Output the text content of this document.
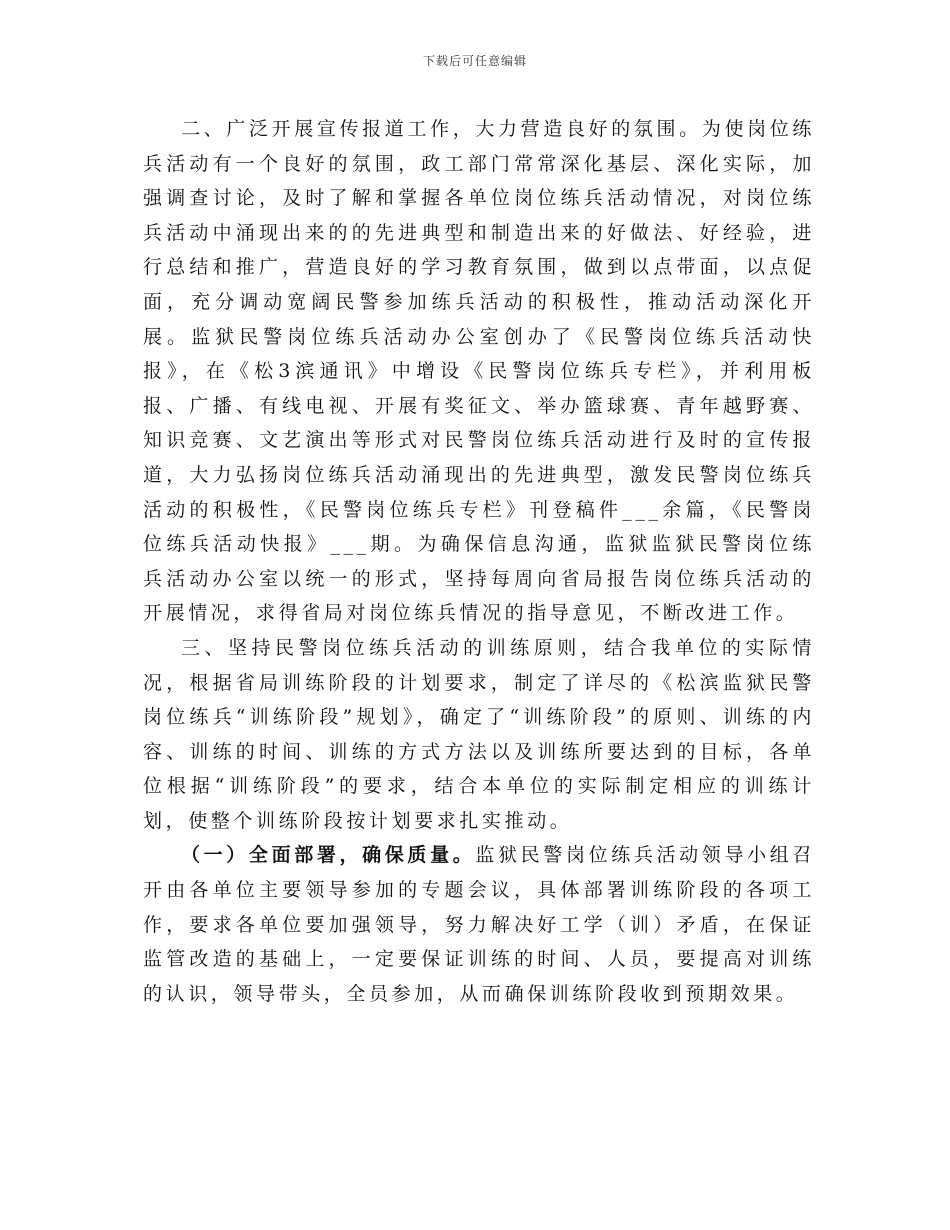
下载后可任意编辑

二、广泛开展宣传报道工作，大力营造良好的氛围。为使岗位练兵活动有一个良好的氛围，政工部门常常深化基层、深化实际，加强调查讨论，及时了解和掌握各单位岗位练兵活动情况，对岗位练兵活动中涌现出来的的先进典型和制造出来的好做法、好经验，进行总结和推广，营造良好的学习教育氛围，做到以点带面，以点促面，充分调动宽阔民警参加练兵活动的积极性，推动活动深化开展。监狱民警岗位练兵活动办公室创办了《民警岗位练兵活动快报》，在《松3滨通讯》中增设《民警岗位练兵专栏》，并利用板报、广播、有线电视、开展有奖征文、举办篮球赛、青年越野赛、知识竞赛、文艺演出等形式对民警岗位练兵活动进行及时的宣传报道，大力弘扬岗位练兵活动涌现出的先进典型，激发民警岗位练兵活动的积极性，《民警岗位练兵专栏》刊登稿件___余篇，《民警岗位练兵活动快报》___期。为确保信息沟通，监狱监狱民警岗位练兵活动办公室以统一的形式，坚持每周向省局报告岗位练兵活动的开展情况，求得省局对岗位练兵情况的指导意见，不断改进工作。

三、坚持民警岗位练兵活动的训练原则，结合我单位的实际情况，根据省局训练阶段的计划要求，制定了详尽的《松滨监狱民警岗位练兵“训练阶段”规划》，确定了“训练阶段”的原则、训练的内容、训练的时间、训练的方式方法以及训练所要达到的目标，各单位根据“训练阶段”的要求，结合本单位的实际制定相应的训练计划，使整个训练阶段按计划要求扎实推动。

（一）全面部署，确保质量。监狱民警岗位练兵活动领导小组召开由各单位主要领导参加的专题会议，具体部署训练阶段的各项工作，要求各单位要加强领导，努力解决好工学（训）矛盾，在保证监管改造的基础上，一定要保证训练的时间、人员，要提高对训练的认识，领导带头，全员参加，从而确保训练阶段收到预期效果。
